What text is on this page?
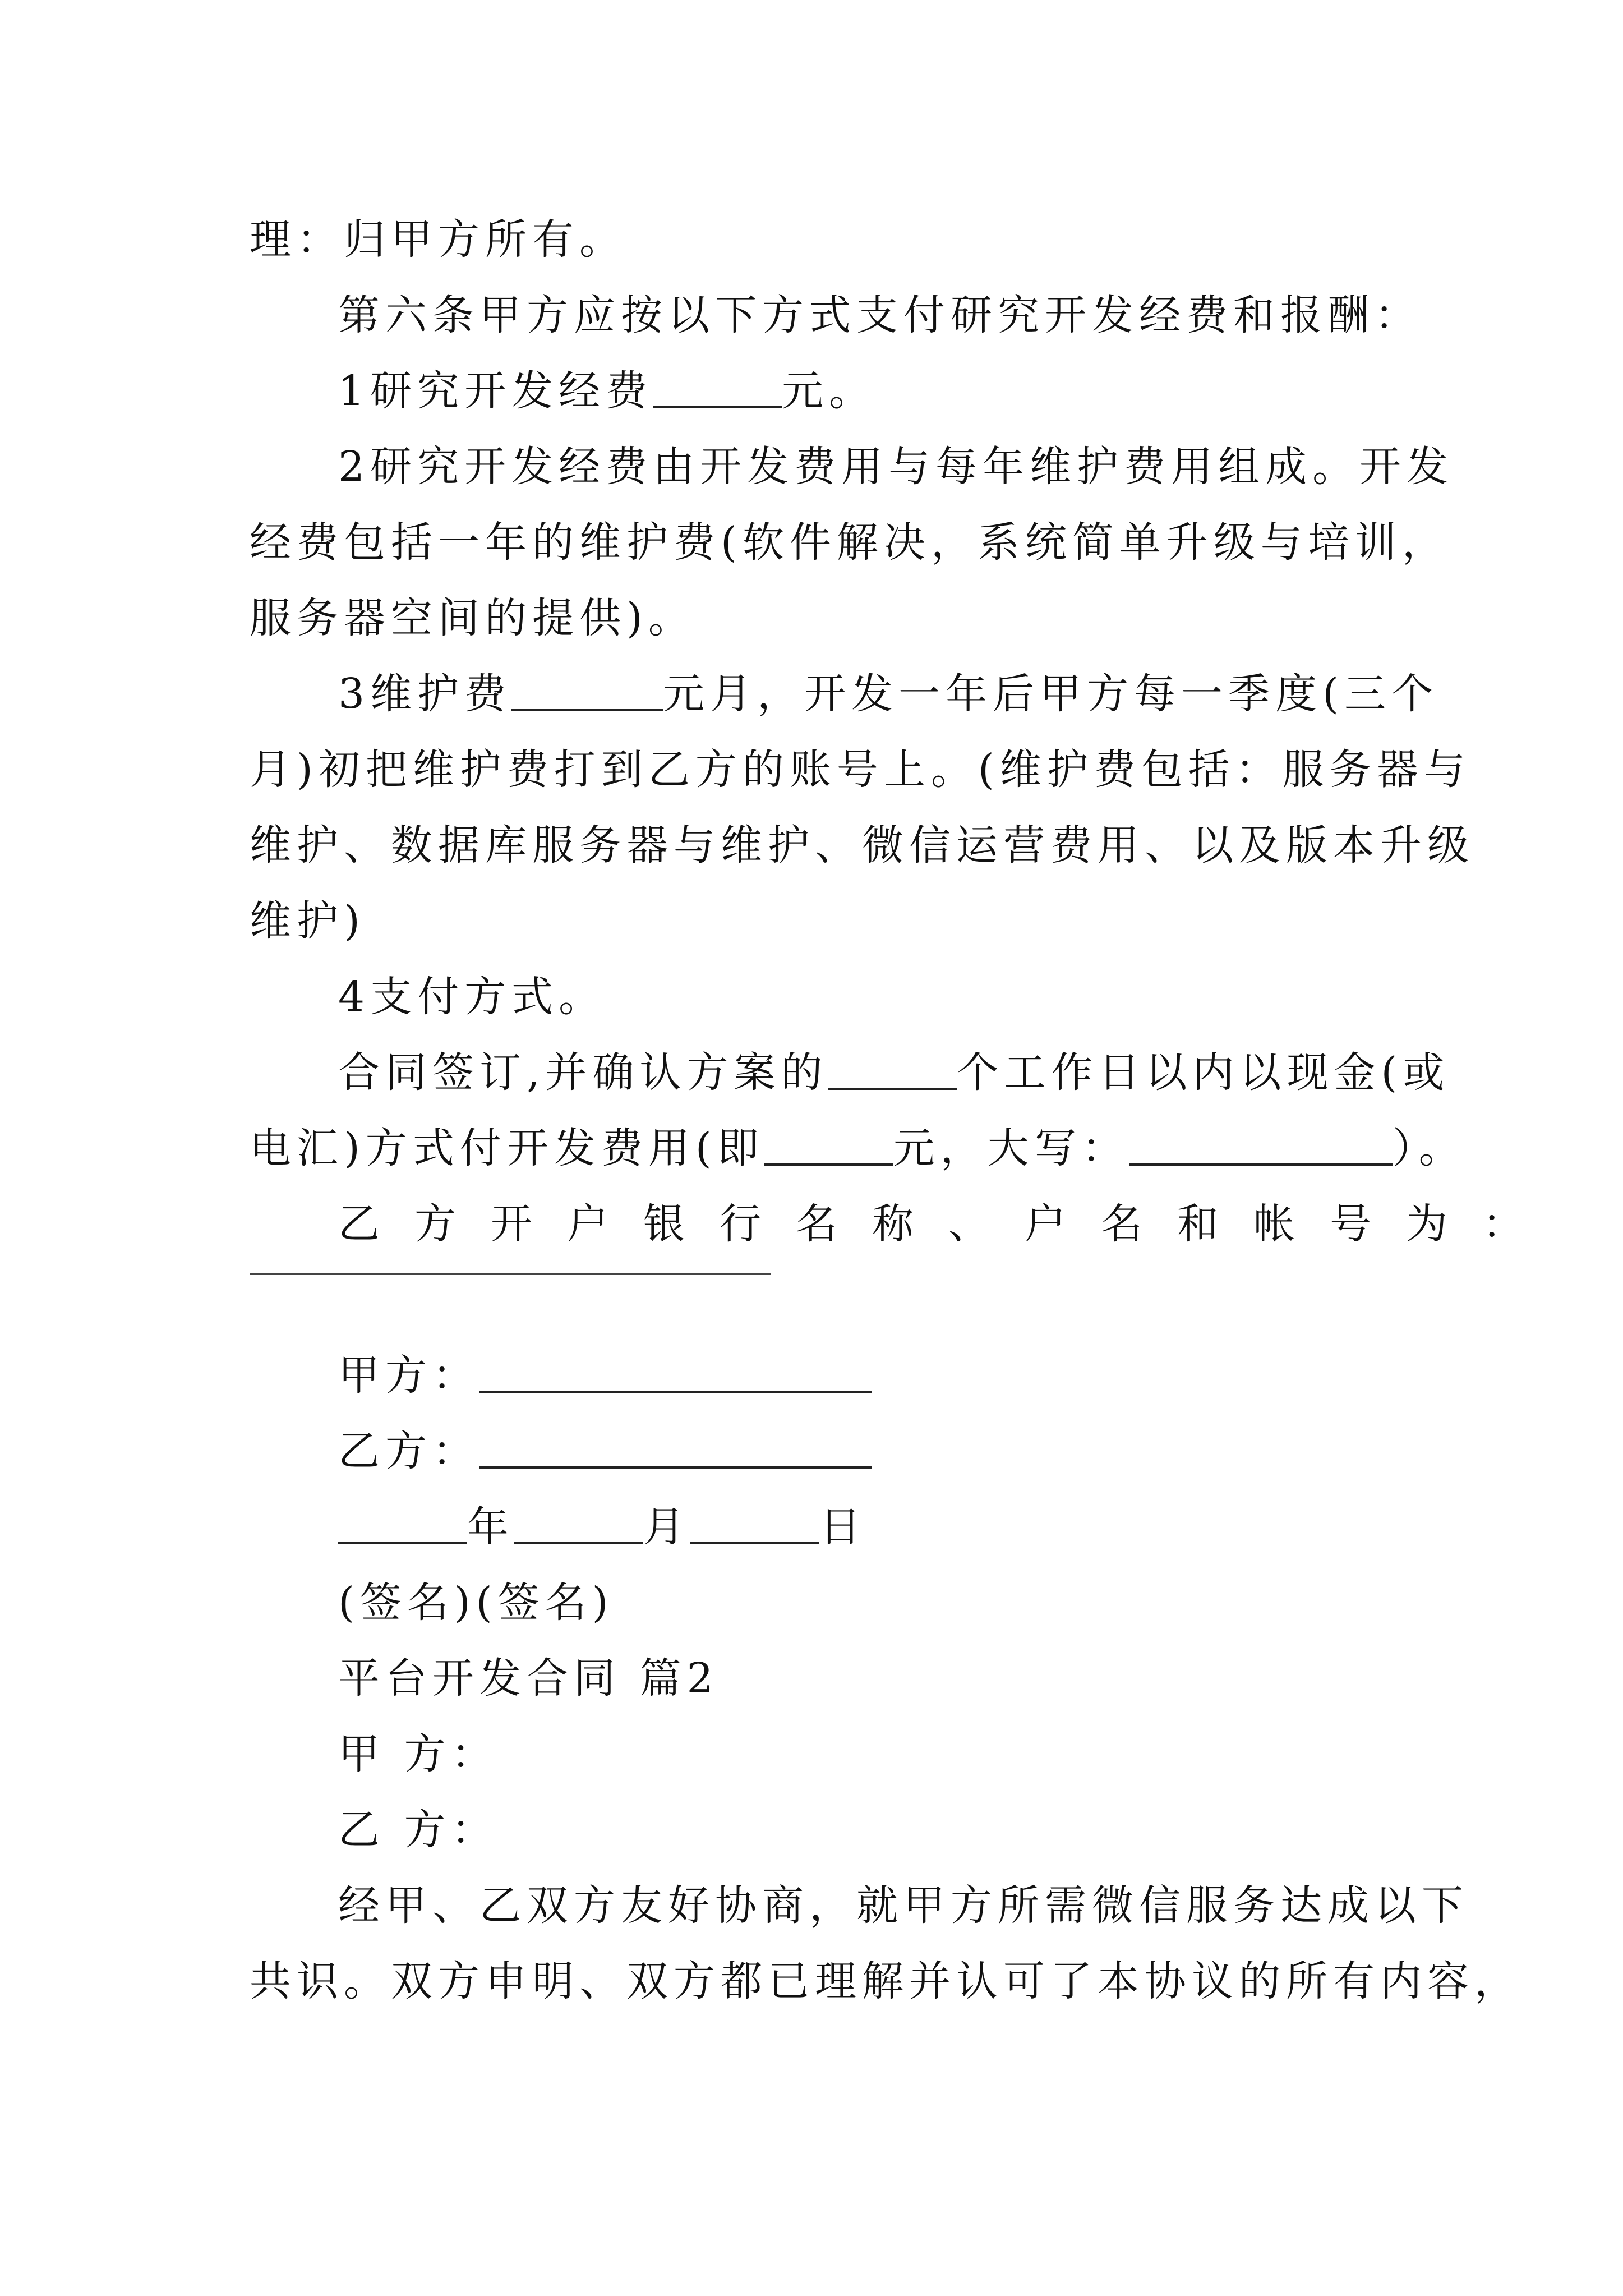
理：归甲方所有。

第六条甲方应按以下方式支付研究开发经费和报酬：

1研究开发经费	元。

2研究开发经费由开发费用与每年维护费用组成。开发

经费包括一年的维护费(软件解决，系统简单升级与培训，

服务器空间的提供)。

3维护费	元月，开发一年后甲方每一季度(三个

月)初把维护费打到乙方的账号上。(维护费包括：服务器与

维护、数据库服务器与维护、微信运营费用、以及版本升级

维护)

4支付方式。

合同签订,并确认方案的	个工作日以内以现金(或

电汇)方式付开发费用(即	元，大写：	）。

乙方开户银行名称、户名和帐号为：

甲方：

乙方：

年	月	日

(签名)(签名)

平台开发合同 篇2

甲 方：

乙 方：

经甲、乙双方友好协商，就甲方所需微信服务达成以下

共识。双方申明、双方都已理解并认可了本协议的所有内容，
